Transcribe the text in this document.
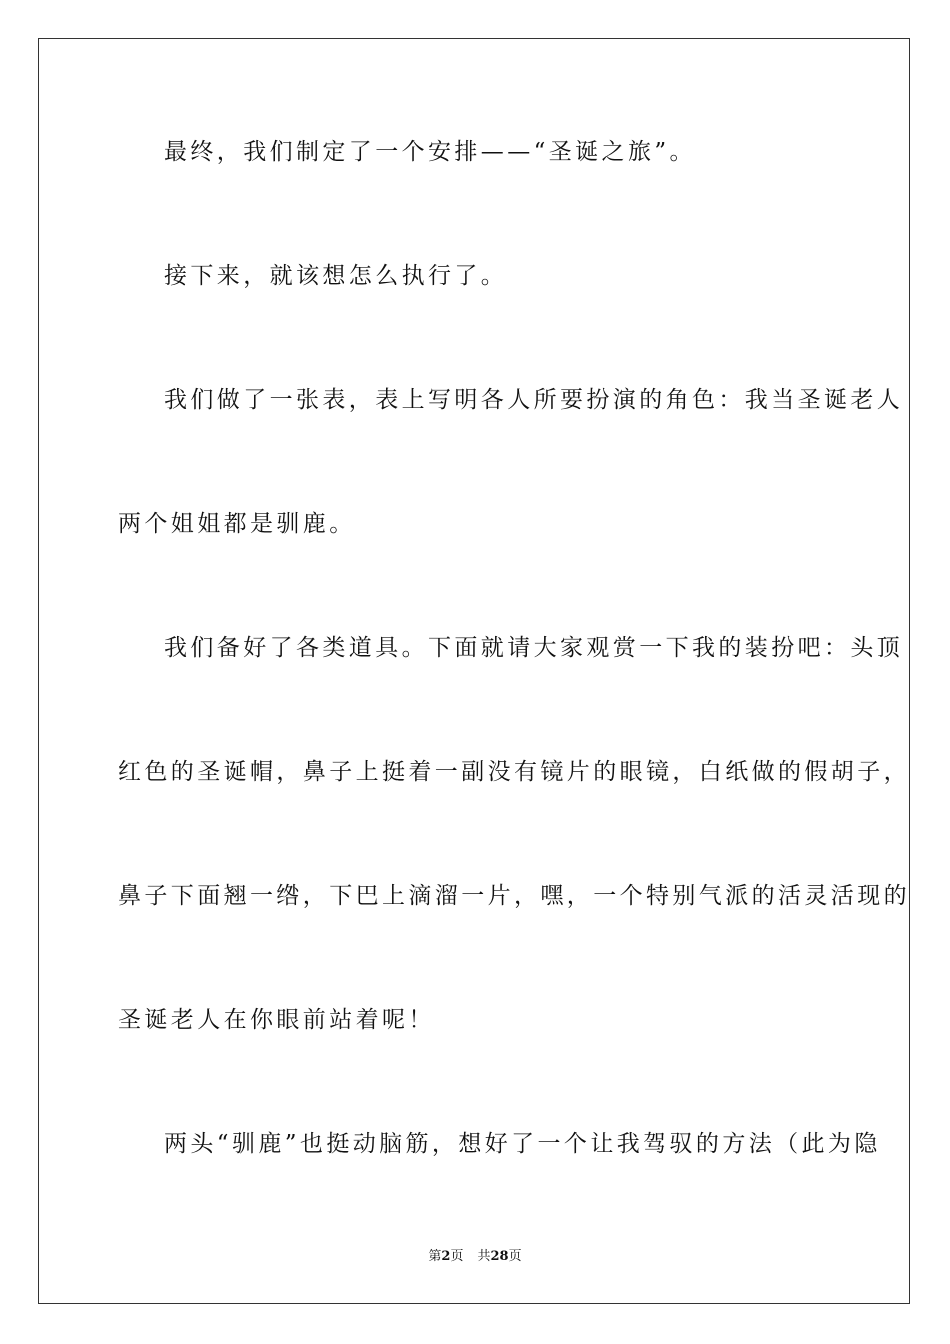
最终，我们制定了一个安排——“圣诞之旅”。
接下来，就该想怎么执行了。
我们做了一张表，表上写明各人所要扮演的角色：我当圣诞老人
两个姐姐都是驯鹿。
我们备好了各类道具。下面就请大家观赏一下我的装扮吧：头顶
红色的圣诞帽，鼻子上挺着一副没有镜片的眼镜，白纸做的假胡子，
鼻子下面翘一绺，下巴上滴溜一片，嘿，一个特别气派的活灵活现的
圣诞老人在你眼前站着呢！
两头“驯鹿”也挺动脑筋，想好了一个让我驾驭的方法（此为隐
第2页 共28页
